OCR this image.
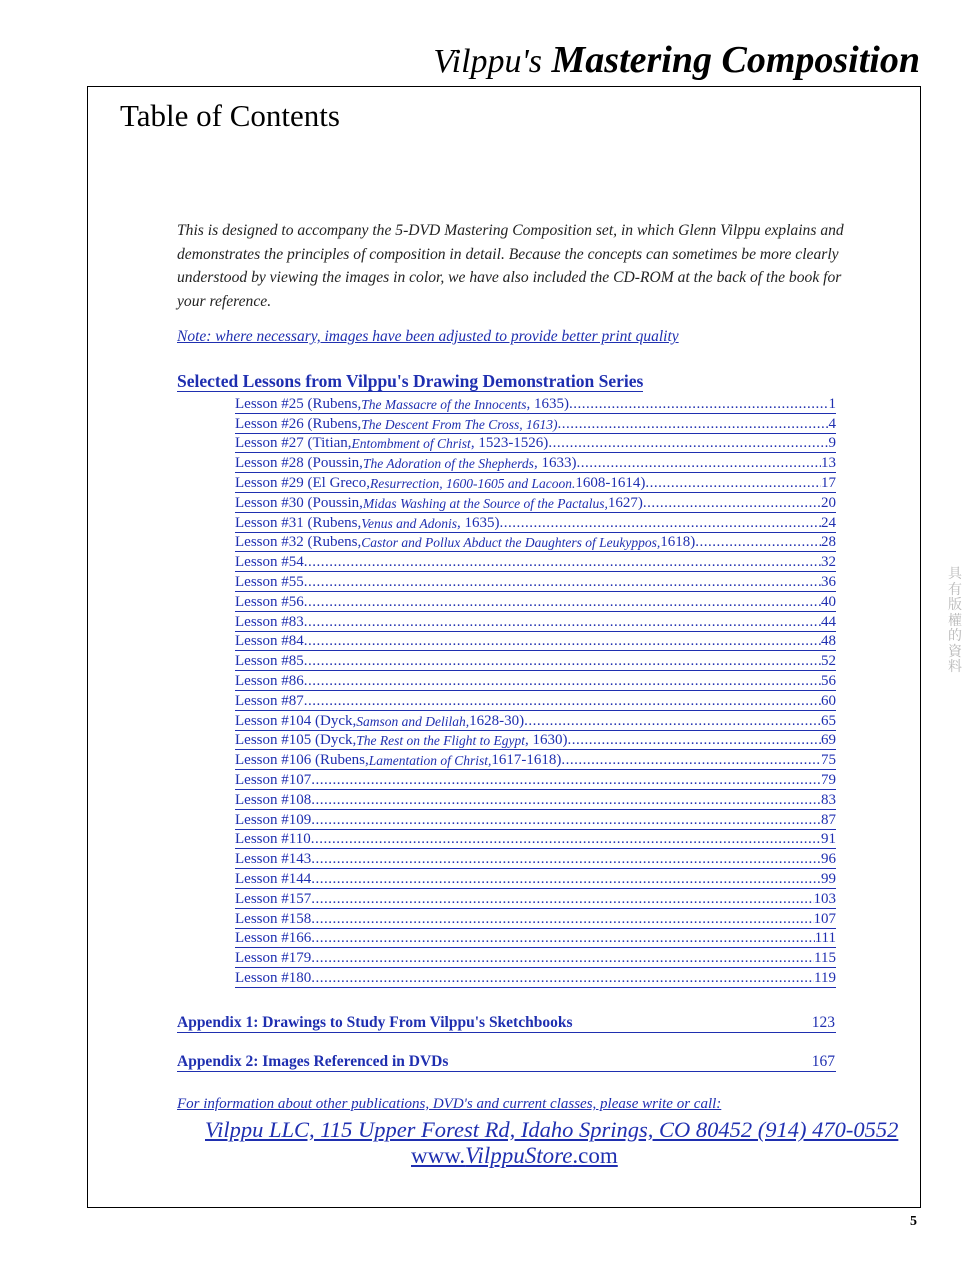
Vilppu's Mastering Composition
Table of Contents
This is designed to accompany the 5-DVD Mastering Composition set, in which Glenn Vilppu explains and demonstrates the principles of composition in detail. Because the concepts can sometimes be more clearly understood by viewing the images in color, we have also included the CD-ROM at the back of the book for your reference.
Note: where necessary, images have been adjusted to provide better print quality
Selected Lessons from Vilppu's Drawing Demonstration Series
Lesson #25 (Rubens, The Massacre of the Innocents , 1635) .....	1
Lesson #26 (Rubens, The Descent From The Cross, 1613) .....	4
Lesson #27 (Titian, Entombment of Christ , 1523-1526) .....	9
Lesson #28 (Poussin, The Adoration of the Shepherds , 1633) .....	13
Lesson #29 (El Greco, Resurrection, 1600-1605 and Lacoon. 1608-1614) .....	17
Lesson #30 (Poussin, Midas Washing at the Source of the Pactalus, 1627) .....	20
Lesson #31 (Rubens, Venus and Adonis , 1635) .....	24
Lesson #32 (Rubens, Castor and Pollux Abduct the Daughters of Leukyppos, 1618) .....	28
Lesson #54 .....	32
Lesson #55 .....	36
Lesson #56 .....	40
Lesson #83 .....	44
Lesson #84 .....	48
Lesson #85 .....	52
Lesson #86 .....	56
Lesson #87 .....	60
Lesson #104 (Dyck, Samson and Delilah, 1628-30) .....	65
Lesson #105 (Dyck, The Rest on the Flight to Egypt , 1630) .....	69
Lesson #106 (Rubens, Lamentation of Christ, 1617-1618) .....	75
Lesson #107 .....	79
Lesson #108 .....	83
Lesson #109 .....	87
Lesson #110 .....	91
Lesson #143 .....	96
Lesson #144 .....	99
Lesson #157 .....	103
Lesson #158 .....	107
Lesson #166 .....	111
Lesson #179 .....	115
Lesson #180 .....	119
Appendix 1: Drawings to Study From Vilppu's Sketchbooks	123
Appendix 2: Images Referenced in DVDs	167
For information about other publications, DVD's and current classes, please write or call:
Vilppu LLC, 115 Upper Forest Rd, Idaho Springs, CO 80452 (914) 470-0552
www.VilppuStore.com
5
具有版權的資料
